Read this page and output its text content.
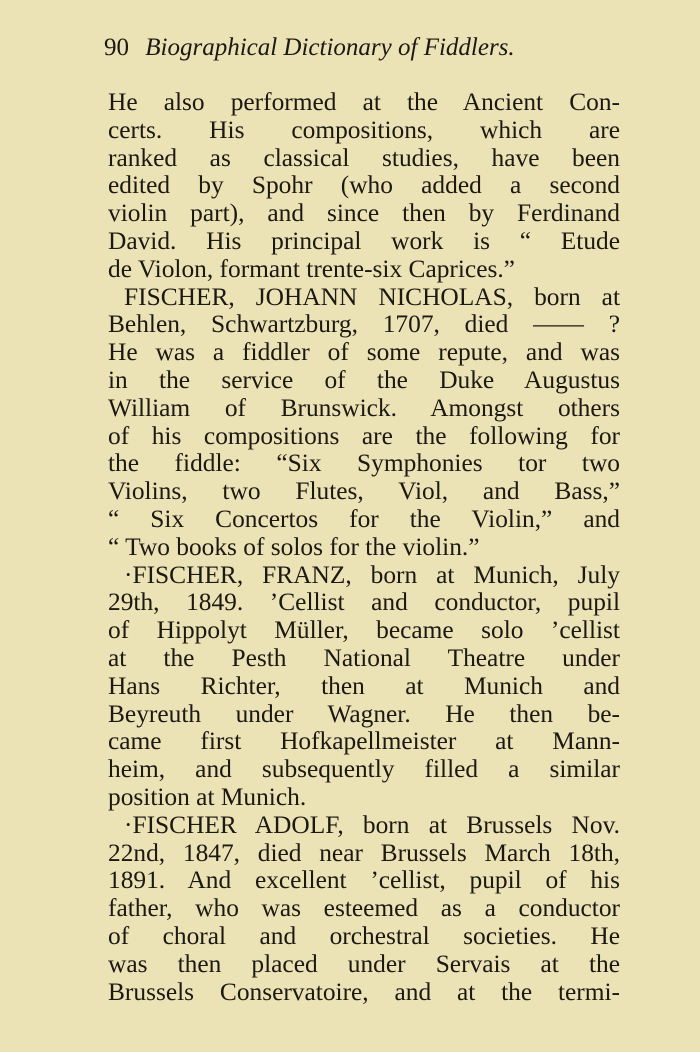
90 Biographical Dictionary of Fiddlers.
He also performed at the Ancient Con-
certs. His compositions, which are
ranked as classical studies, have been
edited by Spohr (who added a second
violin part), and since then by Ferdinand
David. His principal work is “ Etude
de Violon, formant trente-six Caprices.”
FISCHER, JOHANN NICHOLAS, born at
Behlen, Schwartzburg, 1707, died —— ?
He was a fiddler of some repute, and was
in the service of the Duke Augustus
William of Brunswick. Amongst others
of his compositions are the following for
the fiddle: “Six Symphonies tor two
Violins, two Flutes, Viol, and Bass,”
“ Six Concertos for the Violin,” and
“ Two books of solos for the violin.”
·FISCHER, FRANZ, born at Munich, July
29th, 1849. ’Cellist and conductor, pupil
of Hippolyt Müller, became solo ’cellist
at the Pesth National Theatre under
Hans Richter, then at Munich and
Beyreuth under Wagner. He then be-
came first Hofkapellmeister at Mann-
heim, and subsequently filled a similar
position at Munich.
·FISCHER ADOLF, born at Brussels Nov.
22nd, 1847, died near Brussels March 18th,
1891. And excellent ’cellist, pupil of his
father, who was esteemed as a conductor
of choral and orchestral societies. He
was then placed under Servais at the
Brussels Conservatoire, and at the termi-
